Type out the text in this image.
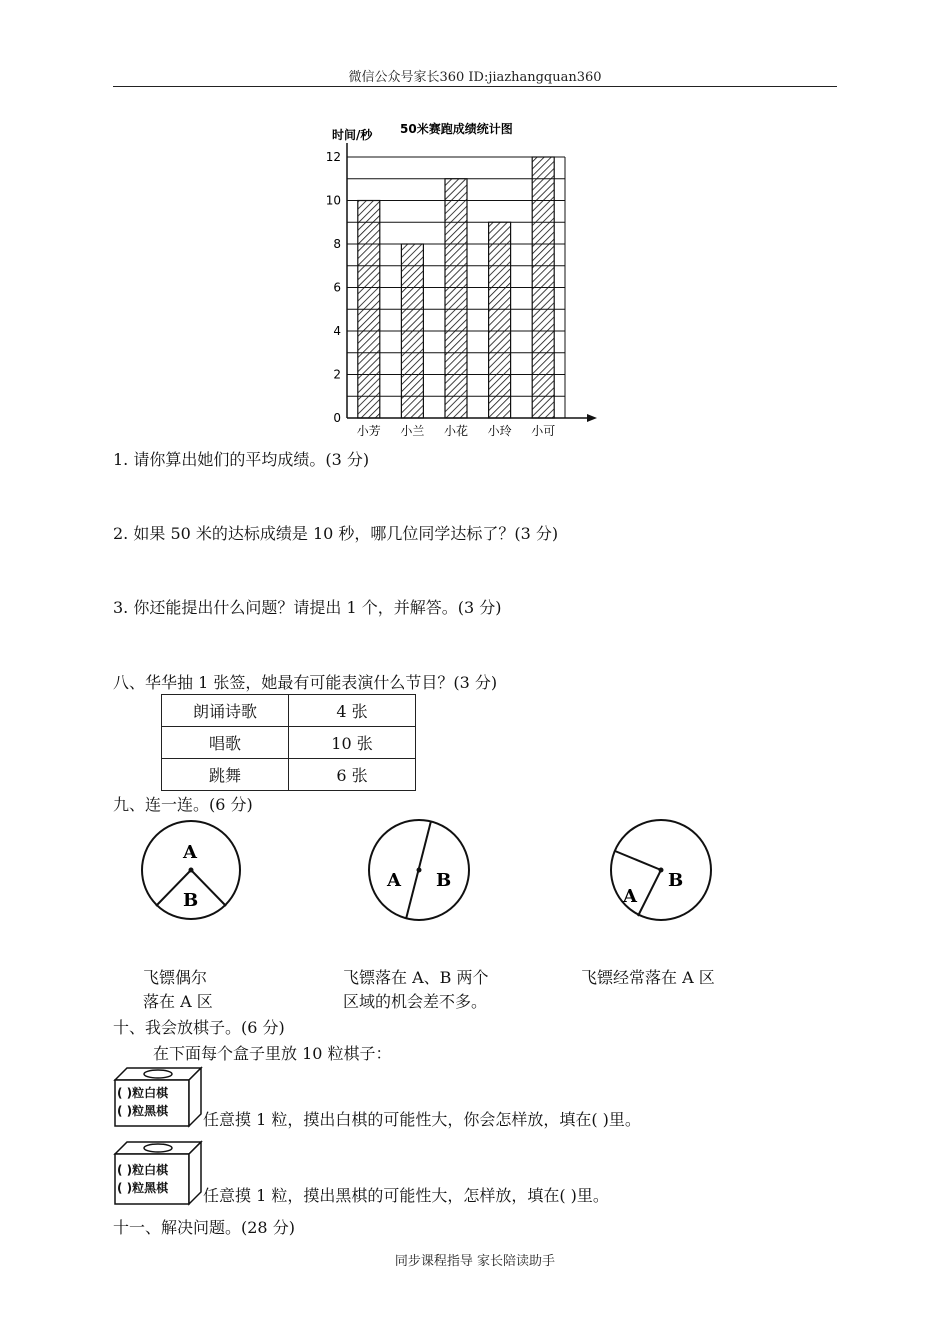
微信公众号家长360 ID:jiazhangquan360
时间/秒 50米赛跑成绩统计图
0
2
4
6
8
10
12
小芳 小兰 小花 小玲 小可
1. 请你算出她们的平均成绩。(3 分)
2. 如果 50 米的达标成绩是 10 秒，哪几位同学达标了？(3 分)
3. 你还能提出什么问题？请提出 1 个，并解答。(3 分)
八、华华抽 1 张签，她最有可能表演什么节目？(3 分)
朗诵诗歌	4 张
唱歌	10 张
跳舞	6 张
九、连一连。(6 分)
A
B
A B
A
B
飞镖偶尔
落在 A 区
飞镖落在 A、B 两个
区域的机会差不多。
飞镖经常落在 A 区
十、我会放棋子。(6 分)
在下面每个盒子里放 10 粒棋子：
( )粒白棋
( )粒黑棋 任意摸 1 粒，摸出白棋的可能性大，你会怎样放，填在( )里。
( )粒白棋
( )粒黑棋 任意摸 1 粒，摸出黑棋的可能性大，怎样放，填在( )里。
十一、解决问题。(28 分)
同步课程指导 家长陪读助手
